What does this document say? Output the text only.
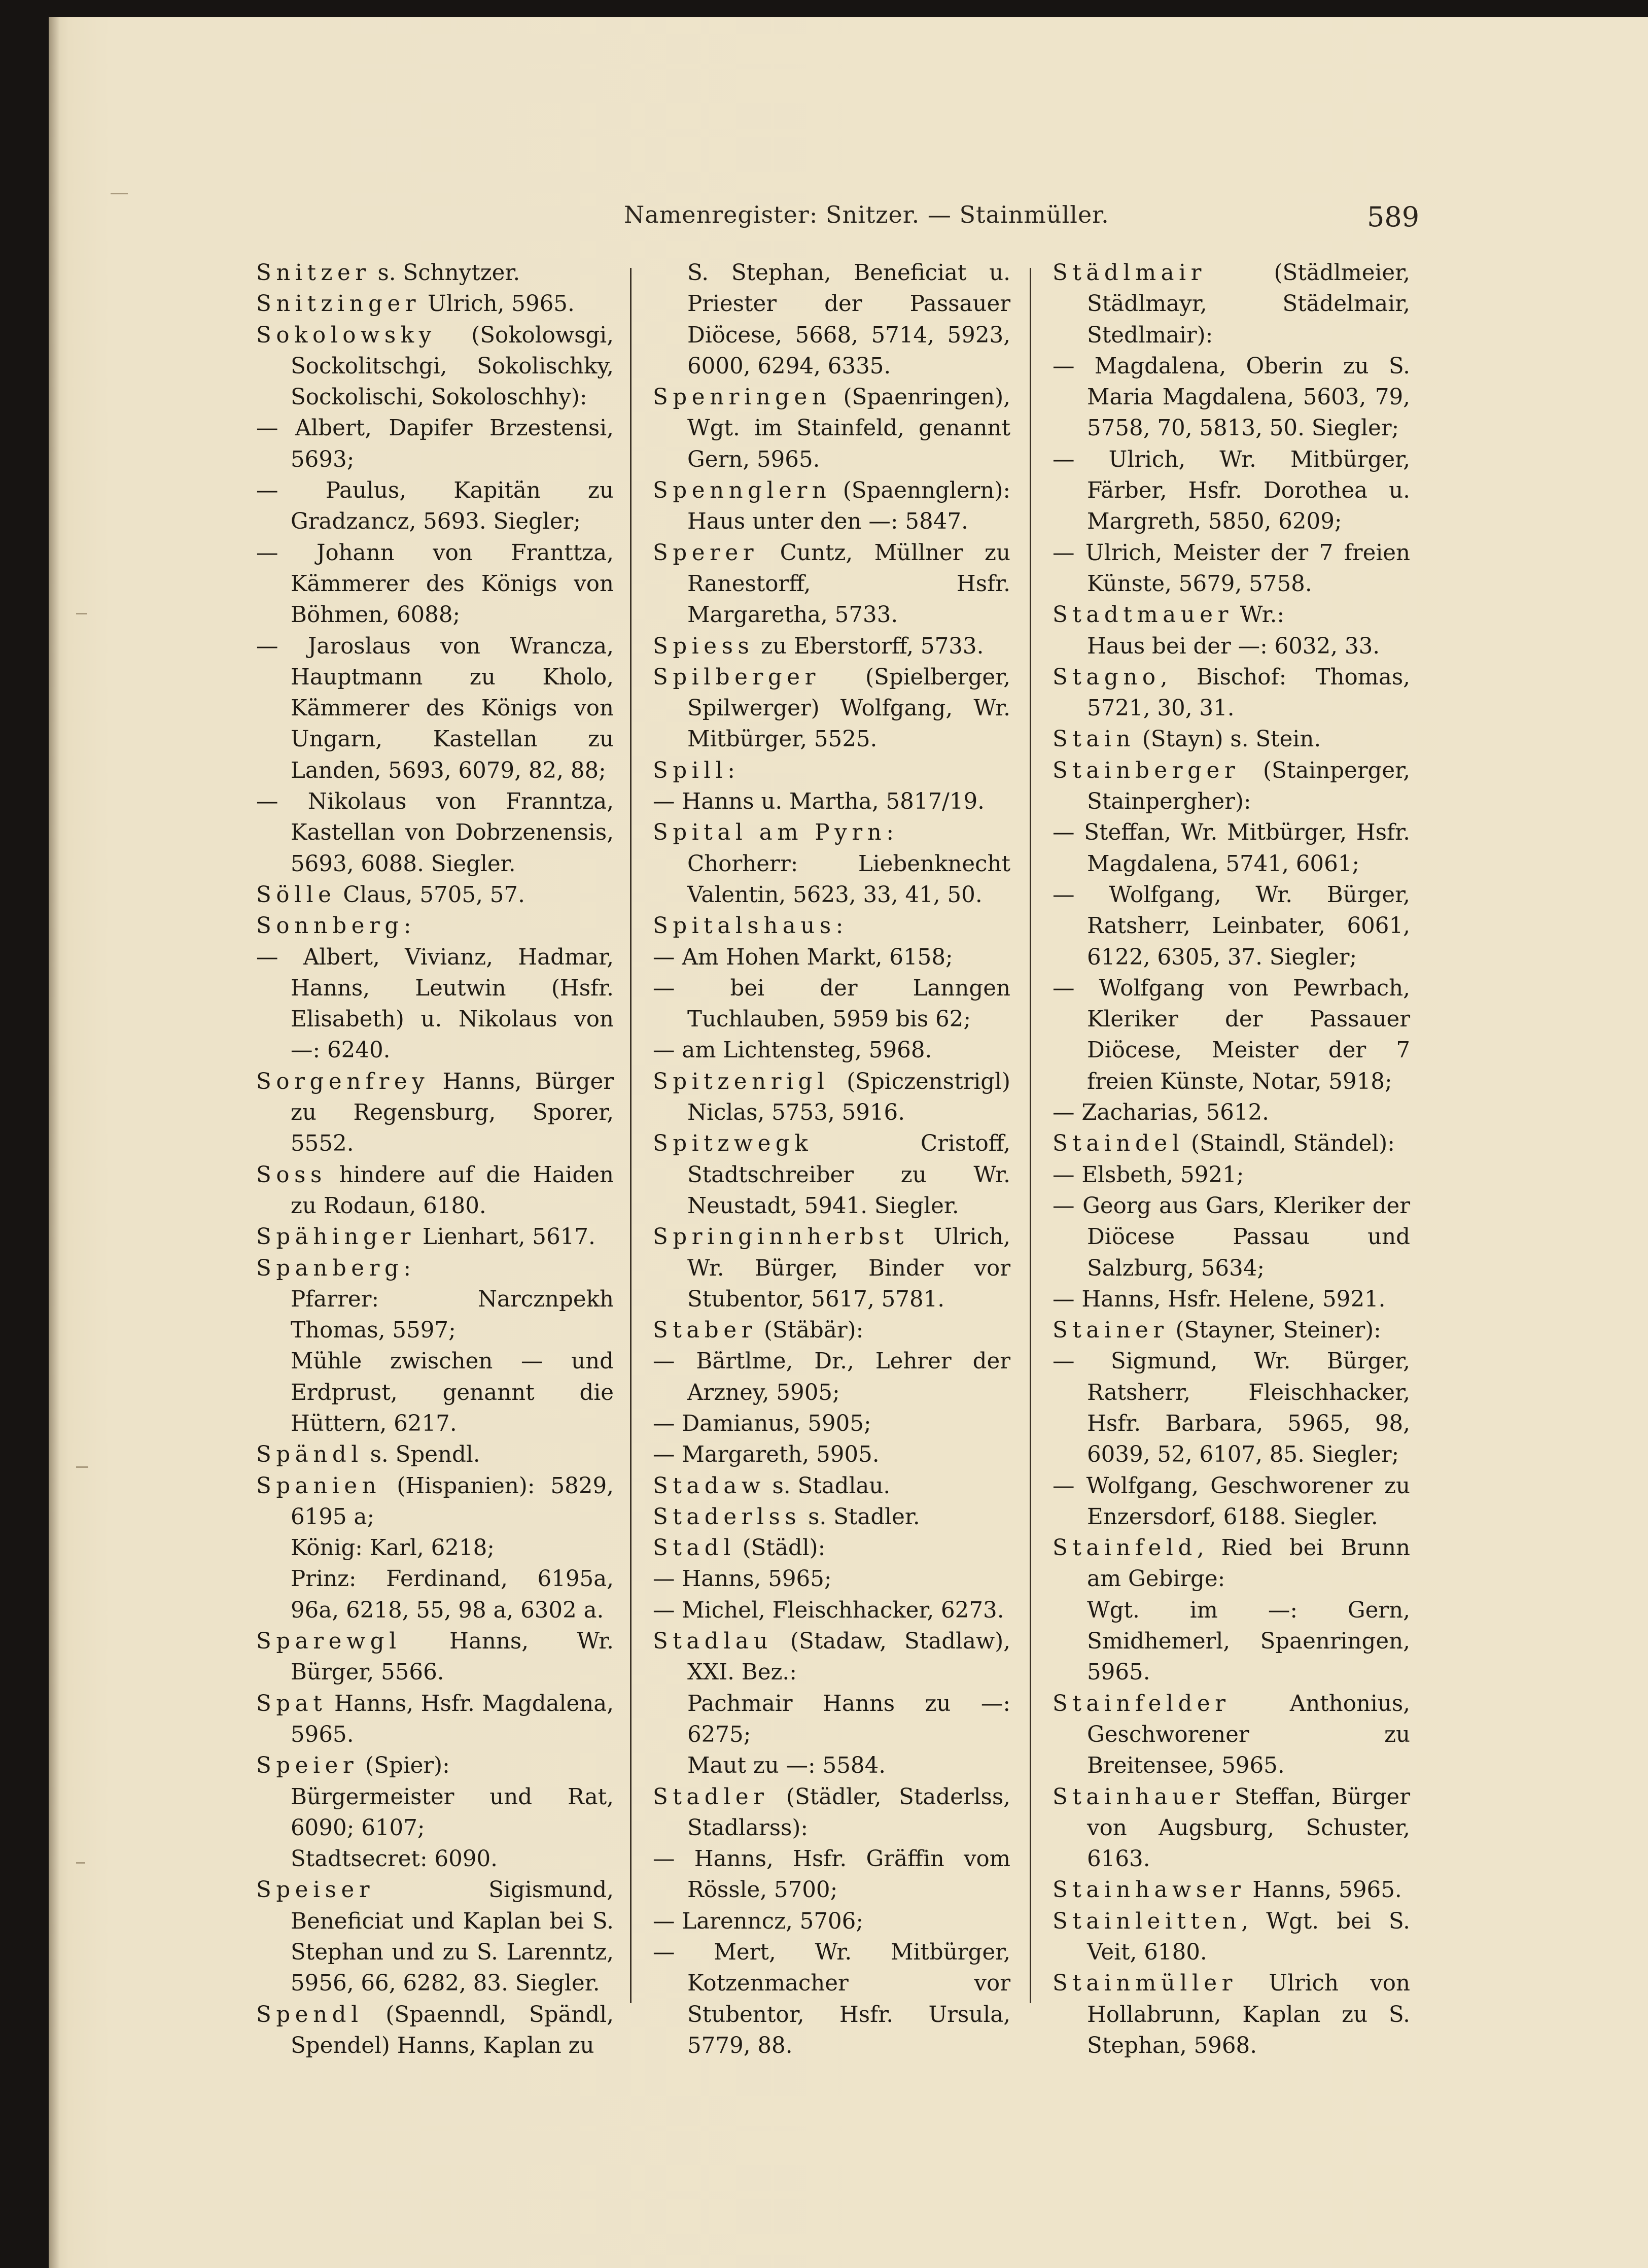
Namenregister: Snitzer. — Stainmüller.	589

Snitzer s. Schnytzer.

Snitzinger Ulrich, 5965.

Sokolowsky (Sokolowsgi, Sockolitschgi, Sokolischky, Sockolischi, Sokoloschhy):

— Albert, Dapifer Brzestensi, 5693;

— Paulus, Kapitän zu Gradzancz, 5693. Siegler;

— Johann von Franttza, Kämmerer des Königs von Böhmen, 6088;

— Jaroslaus von Wrancza, Hauptmann zu Kholo, Kämmerer des Königs von Ungarn, Kastellan zu Landen, 5693, 6079, 82, 88;

— Nikolaus von Franntza, Kastellan von Dobrzenensis, 5693, 6088. Siegler.

Sölle Claus, 5705, 57.

Sonnberg:

— Albert, Vivianz, Hadmar, Hanns, Leutwin (Hsfr. Elisabeth) u. Nikolaus von —: 6240.

Sorgenfrey Hanns, Bürger zu Regensburg, Sporer, 5552.

Soss hindere auf die Haiden zu Rodaun, 6180.

Spähinger Lienhart, 5617.

Spanberg:

Pfarrer: Narcznpekh Thomas, 5597;

Mühle zwischen — und Erdprust, genannt die Hüttern, 6217.

Spändl s. Spendl.

Spanien (Hispanien): 5829, 6195 a;

König: Karl, 6218;

Prinz: Ferdinand, 6195a, 96a, 6218, 55, 98 a, 6302 a.

Sparewgl Hanns, Wr. Bürger, 5566.

Spat Hanns, Hsfr. Magdalena, 5965.

Speier (Spier):

Bürgermeister und Rat, 6090; 6107;

Stadtsecret: 6090.

Speiser Sigismund, Beneficiat und Kaplan bei S. Stephan und zu S. Larenntz, 5956, 66, 6282, 83. Siegler.

Spendl (Spaenndl, Spändl, Spendel) Hanns, Kaplan zu

S. Stephan, Beneficiat u. Priester der Passauer Diöcese, 5668, 5714, 5923, 6000, 6294, 6335.

Spenringen (Spaenringen), Wgt. im Stainfeld, genannt Gern, 5965.

Spennglern (Spaennglern): Haus unter den —: 5847.

Sperer Cuntz, Müllner zu Ranestorff, Hsfr. Margaretha, 5733.

Spiess zu Eberstorff, 5733.

Spilberger (Spielberger, Spilwerger) Wolfgang, Wr. Mitbürger, 5525.

Spill:

— Hanns u. Martha, 5817/19.

Spital am Pyrn:

Chorherr: Liebenknecht Valentin, 5623, 33, 41, 50.

Spitalshaus:

— Am Hohen Markt, 6158;

— bei der Lanngen Tuchlauben, 5959 bis 62;

— am Lichtensteg, 5968.

Spitzenrigl (Spiczenstrigl) Niclas, 5753, 5916.

Spitzwegk Cristoff, Stadtschreiber zu Wr. Neustadt, 5941. Siegler.

Springinnherbst Ulrich, Wr. Bürger, Binder vor Stubentor, 5617, 5781.

Staber (Stäbär):

— Bärtlme, Dr., Lehrer der Arzney, 5905;

— Damianus, 5905;

— Margareth, 5905.

Stadaw s. Stadlau.

Staderlss s. Stadler.

Stadl (Städl):

— Hanns, 5965;

— Michel, Fleischhacker, 6273.

Stadlau (Stadaw, Stadlaw), XXI. Bez.:

Pachmair Hanns zu —: 6275;

Maut zu —: 5584.

Stadler (Städler, Staderlss, Stadlarss):

— Hanns, Hsfr. Gräffin vom Rössle, 5700;

— Larenncz, 5706;

— Mert, Wr. Mitbürger, Kotzenmacher vor Stubentor, Hsfr. Ursula, 5779, 88.

Städlmair (Städlmeier, Städlmayr, Städelmair, Stedlmair):

— Magdalena, Oberin zu S. Maria Magdalena, 5603, 79, 5758, 70, 5813, 50. Siegler;

— Ulrich, Wr. Mitbürger, Färber, Hsfr. Dorothea u. Margreth, 5850, 6209;

— Ulrich, Meister der 7 freien Künste, 5679, 5758.

Stadtmauer Wr.:

Haus bei der —: 6032, 33.

Stagno, Bischof: Thomas, 5721, 30, 31.

Stain (Stayn) s. Stein.

Stainberger (Stainperger, Stainpergher):

— Steffan, Wr. Mitbürger, Hsfr. Magdalena, 5741, 6061;

— Wolfgang, Wr. Bürger, Ratsherr, Leinbater, 6061, 6122, 6305, 37. Siegler;

— Wolfgang von Pewrbach, Kleriker der Passauer Diöcese, Meister der 7 freien Künste, Notar, 5918;

— Zacharias, 5612.

Staindel (Staindl, Ständel):

— Elsbeth, 5921;

— Georg aus Gars, Kleriker der Diöcese Passau und Salzburg, 5634;

— Hanns, Hsfr. Helene, 5921.

Stainer (Stayner, Steiner):

— Sigmund, Wr. Bürger, Ratsherr, Fleischhacker, Hsfr. Barbara, 5965, 98, 6039, 52, 6107, 85. Siegler;

— Wolfgang, Geschworener zu Enzersdorf, 6188. Siegler.

Stainfeld, Ried bei Brunn am Gebirge:

Wgt. im —: Gern, Smidhemerl, Spaenringen, 5965.

Stainfelder Anthonius, Geschworener zu Breitensee, 5965.

Stainhauer Steffan, Bürger von Augsburg, Schuster, 6163.

Stainhawser Hanns, 5965.

Stainleitten, Wgt. bei S. Veit, 6180.

Stainmüller Ulrich von Hollabrunn, Kaplan zu S. Stephan, 5968.
